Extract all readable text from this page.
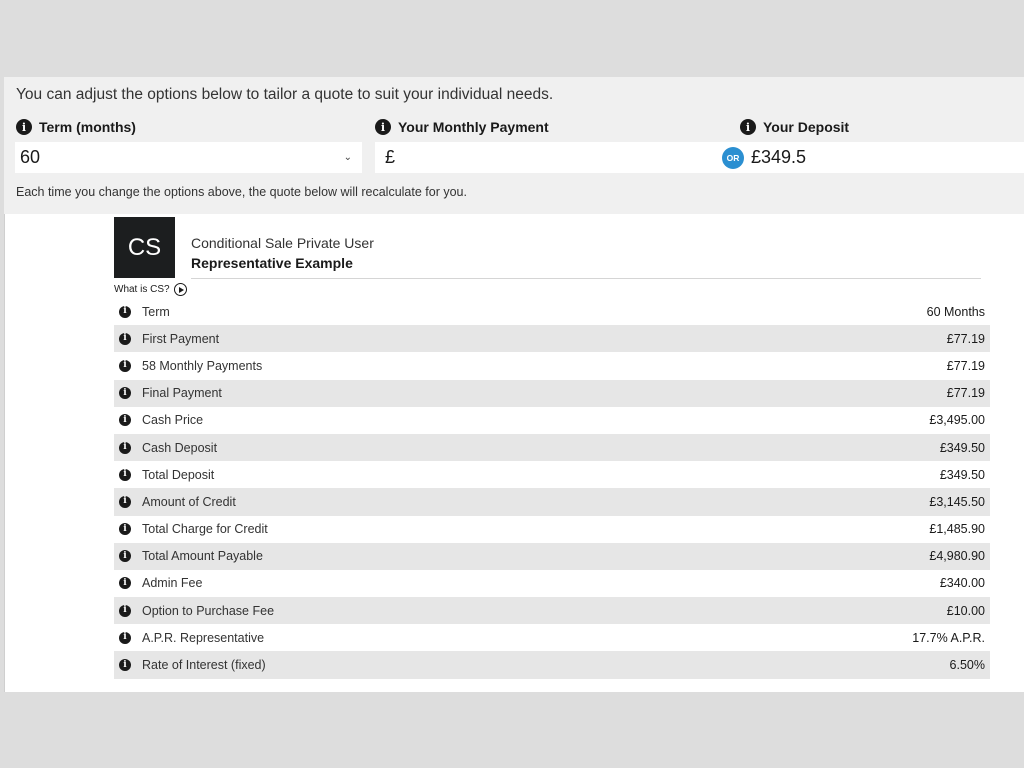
You can adjust the options below to tailor a quote to suit your individual needs.
i Term (months)	i Your Monthly Payment	i Your Deposit
60	⌄ £	£349.5
OR
Each time you change the options above, the quote below will recalculate for you.
CS	Conditional Sale Private User
Representative Example
What is CS?
i	Term	60 Months
i	First Payment	£77.19
i	58 Monthly Payments	£77.19
i	Final Payment	£77.19
i	Cash Price	£3,495.00
i	Cash Deposit	£349.50
i	Total Deposit	£349.50
i	Amount of Credit	£3,145.50
i	Total Charge for Credit	£1,485.90
i	Total Amount Payable	£4,980.90
i	Admin Fee	£340.00
i	Option to Purchase Fee	£10.00
i	A.P.R. Representative	17.7% A.P.R.
i	Rate of Interest (fixed)	6.50%
